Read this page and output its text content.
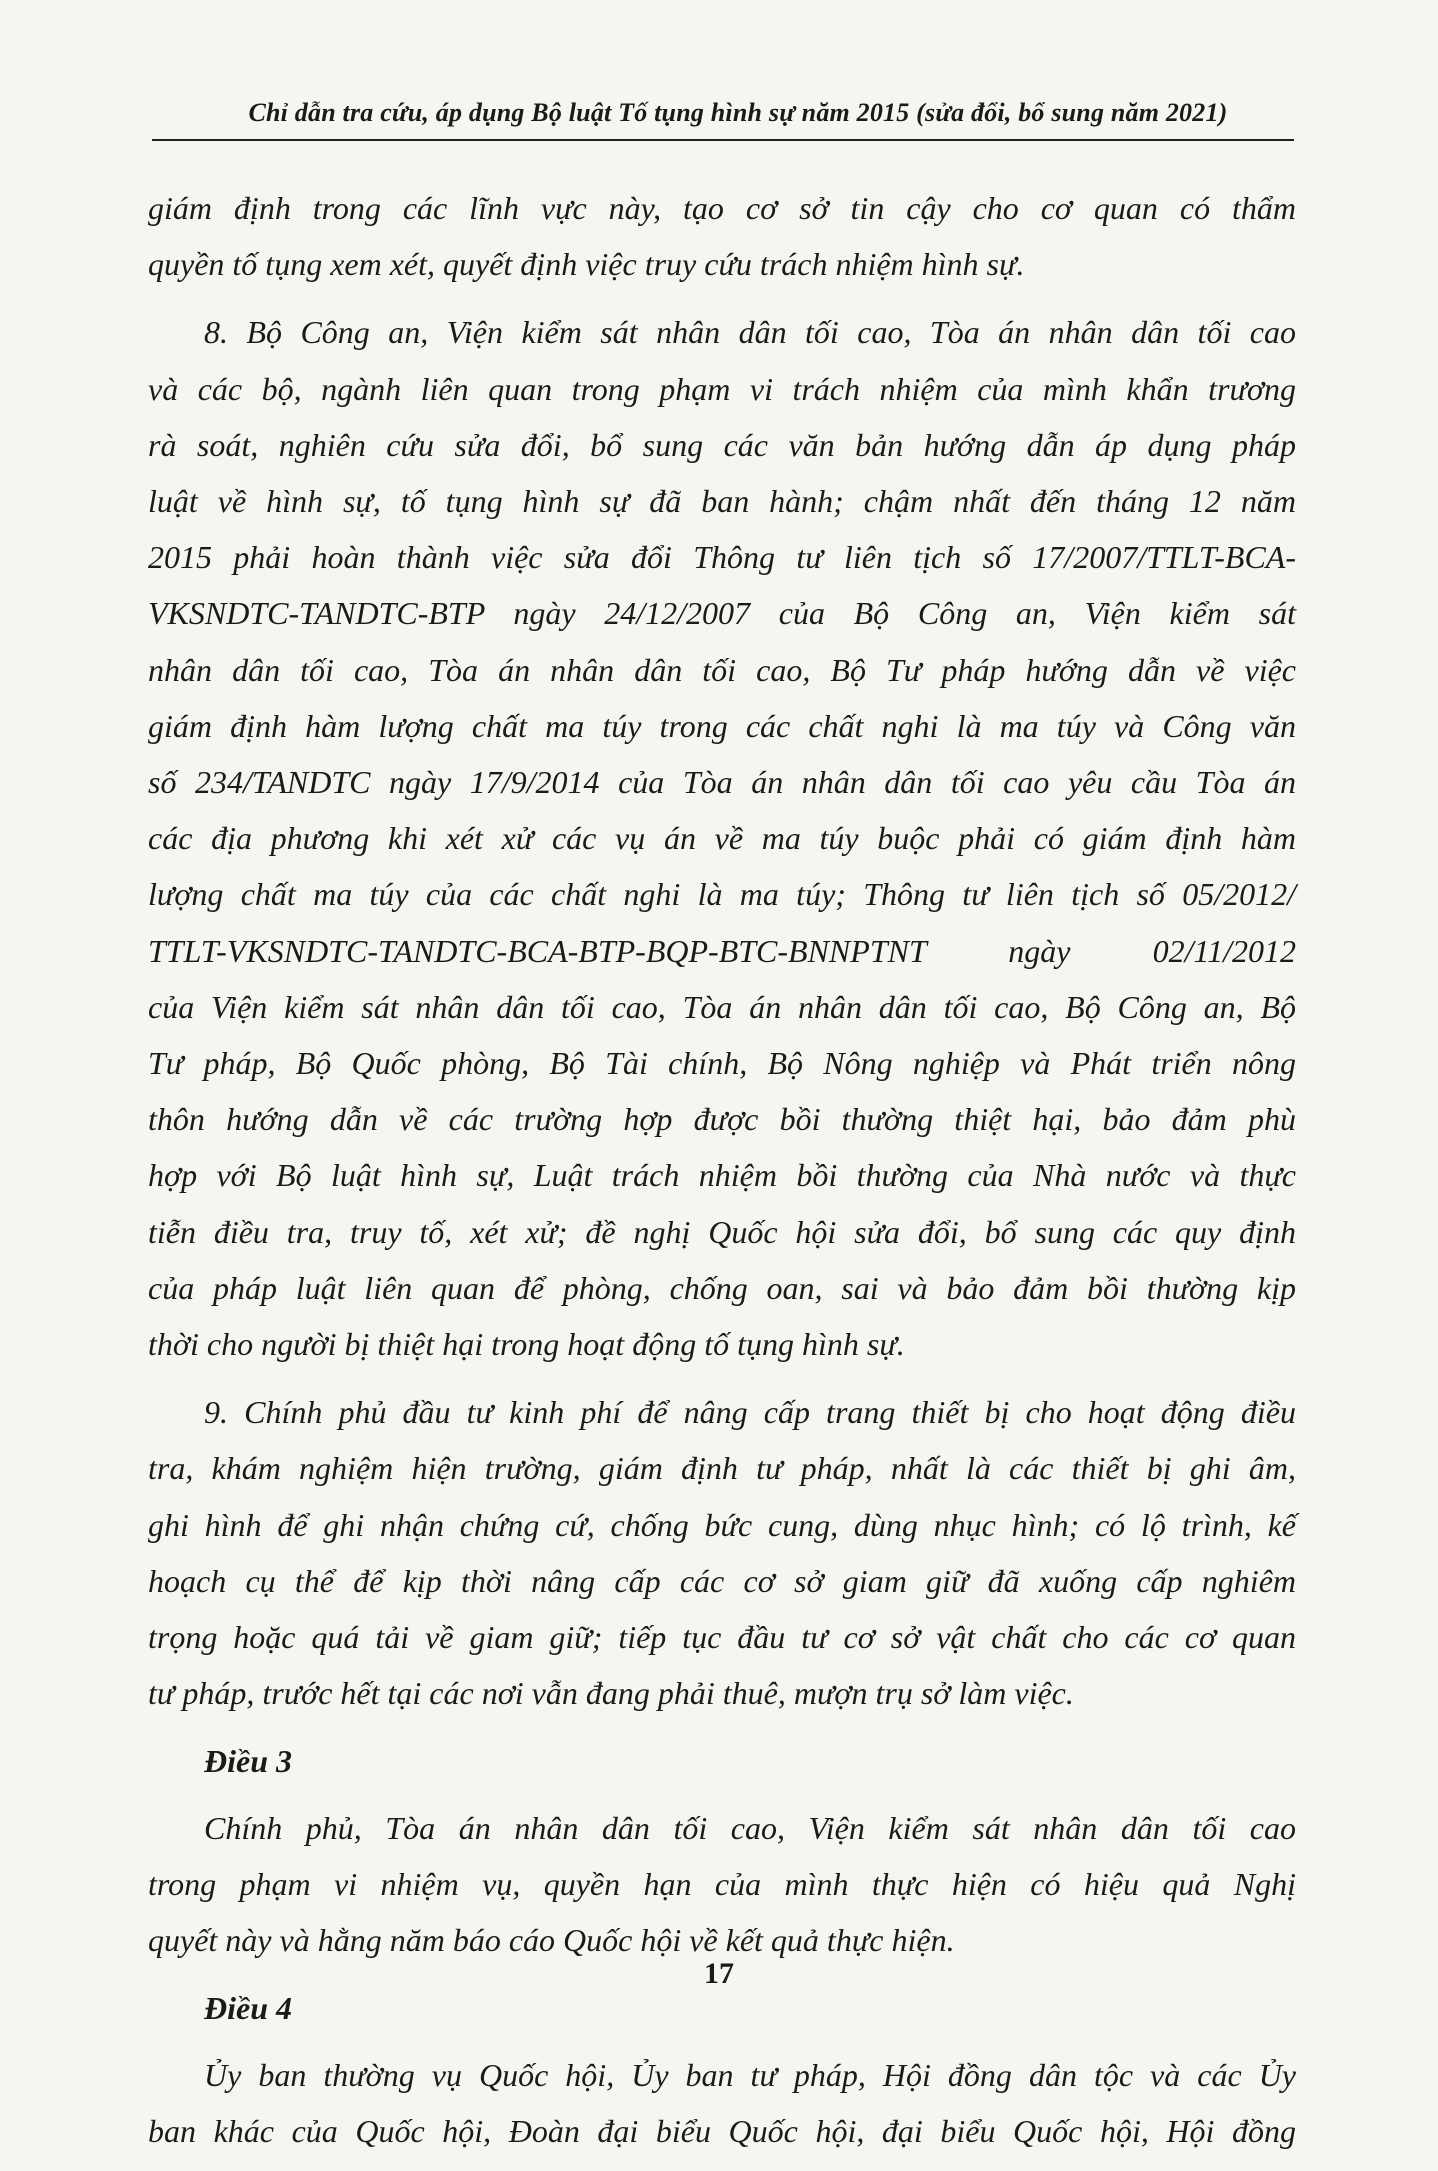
Chỉ dẫn tra cứu, áp dụng Bộ luật Tố tụng hình sự năm 2015 (sửa đổi, bổ sung năm 2021)

giám định trong các lĩnh vực này, tạo cơ sở tin cậy cho cơ quan có thẩm
quyền tố tụng xem xét, quyết định việc truy cứu trách nhiệm hình sự.

8. Bộ Công an, Viện kiểm sát nhân dân tối cao, Tòa án nhân dân tối cao
và các bộ, ngành liên quan trong phạm vi trách nhiệm của mình khẩn trương
rà soát, nghiên cứu sửa đổi, bổ sung các văn bản hướng dẫn áp dụng pháp
luật về hình sự, tố tụng hình sự đã ban hành; chậm nhất đến tháng 12 năm
2015 phải hoàn thành việc sửa đổi Thông tư liên tịch số 17/2007/TTLT-BCA-
VKSNDTC-TANDTC-BTP ngày 24/12/2007 của Bộ Công an, Viện kiểm sát
nhân dân tối cao, Tòa án nhân dân tối cao, Bộ Tư pháp hướng dẫn về việc
giám định hàm lượng chất ma túy trong các chất nghi là ma túy và Công văn
số 234/TANDTC ngày 17/9/2014 của Tòa án nhân dân tối cao yêu cầu Tòa án
các địa phương khi xét xử các vụ án về ma túy buộc phải có giám định hàm
lượng chất ma túy của các chất nghi là ma túy; Thông tư liên tịch số 05/2012/
TTLT-VKSNDTC-TANDTC-BCA-BTP-BQP-BTC-BNNPTNT ngày 02/11/2012
của Viện kiểm sát nhân dân tối cao, Tòa án nhân dân tối cao, Bộ Công an, Bộ
Tư pháp, Bộ Quốc phòng, Bộ Tài chính, Bộ Nông nghiệp và Phát triển nông
thôn hướng dẫn về các trường hợp được bồi thường thiệt hại, bảo đảm phù
hợp với Bộ luật hình sự, Luật trách nhiệm bồi thường của Nhà nước và thực
tiễn điều tra, truy tố, xét xử; đề nghị Quốc hội sửa đổi, bổ sung các quy định
của pháp luật liên quan để phòng, chống oan, sai và bảo đảm bồi thường kịp
thời cho người bị thiệt hại trong hoạt động tố tụng hình sự.

9. Chính phủ đầu tư kinh phí để nâng cấp trang thiết bị cho hoạt động điều
tra, khám nghiệm hiện trường, giám định tư pháp, nhất là các thiết bị ghi âm,
ghi hình để ghi nhận chứng cứ, chống bức cung, dùng nhục hình; có lộ trình, kế
hoạch cụ thể để kịp thời nâng cấp các cơ sở giam giữ đã xuống cấp nghiêm
trọng hoặc quá tải về giam giữ; tiếp tục đầu tư cơ sở vật chất cho các cơ quan
tư pháp, trước hết tại các nơi vẫn đang phải thuê, mượn trụ sở làm việc.

Điều 3

Chính phủ, Tòa án nhân dân tối cao, Viện kiểm sát nhân dân tối cao
trong phạm vi nhiệm vụ, quyền hạn của mình thực hiện có hiệu quả Nghị
quyết này và hằng năm báo cáo Quốc hội về kết quả thực hiện.

Điều 4

Ủy ban thường vụ Quốc hội, Ủy ban tư pháp, Hội đồng dân tộc và các Ủy
ban khác của Quốc hội, Đoàn đại biểu Quốc hội, đại biểu Quốc hội, Hội đồng

17
